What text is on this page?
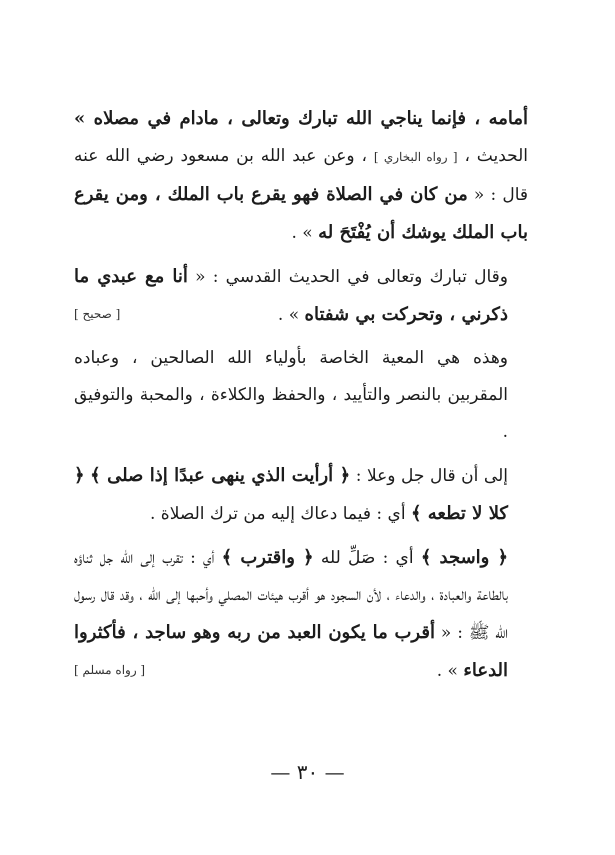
أمامه ، فإنما يناجي الله تبارك وتعالى ، مادام في مصلاه » الحديث ، [ رواه البخاري ] ، وعن عبد الله بن مسعود رضي الله عنه قال : « من كان في الصلاة فهو يقرع باب الملك ، ومن يقرع باب الملك يوشك أن يُفْتَحَ له » .

وقال تبارك وتعالى في الحديث القدسي : « أنا مع عبدي ما ذكرني ، وتحركت بي شفتاه » .
[ صحيح ]

وهذه هي المعية الخاصة بأولياء الله الصالحين ، وعباده المقربين بالنصر والتأييد ، والحفظ والكلاءة ، والمحبة والتوفيق .

إلى أن قال جل وعلا : ﴿ أرأيت الذي ينهى عبدًا إذا صلى ﴾ ﴿ كلا لا تطعه ﴾ أي : فيما دعاك إليه من ترك الصلاة .

﴿ واسجد ﴾ أي : صَلِّ لله ﴿ واقترب ﴾ أي : تقرب إلى الله جل ثناؤه بالطاعة والعبادة ، والدعاء ، لأن السجود هو أقرب هيئات المصلي وأحبها إلى الله ، وقد قال رسول الله ﷺ : « أقرب ما يكون العبد من ربه وهو ساجد ، فأكثروا الدعاء » .
[ رواه مسلم ]

— ٣٠ —
